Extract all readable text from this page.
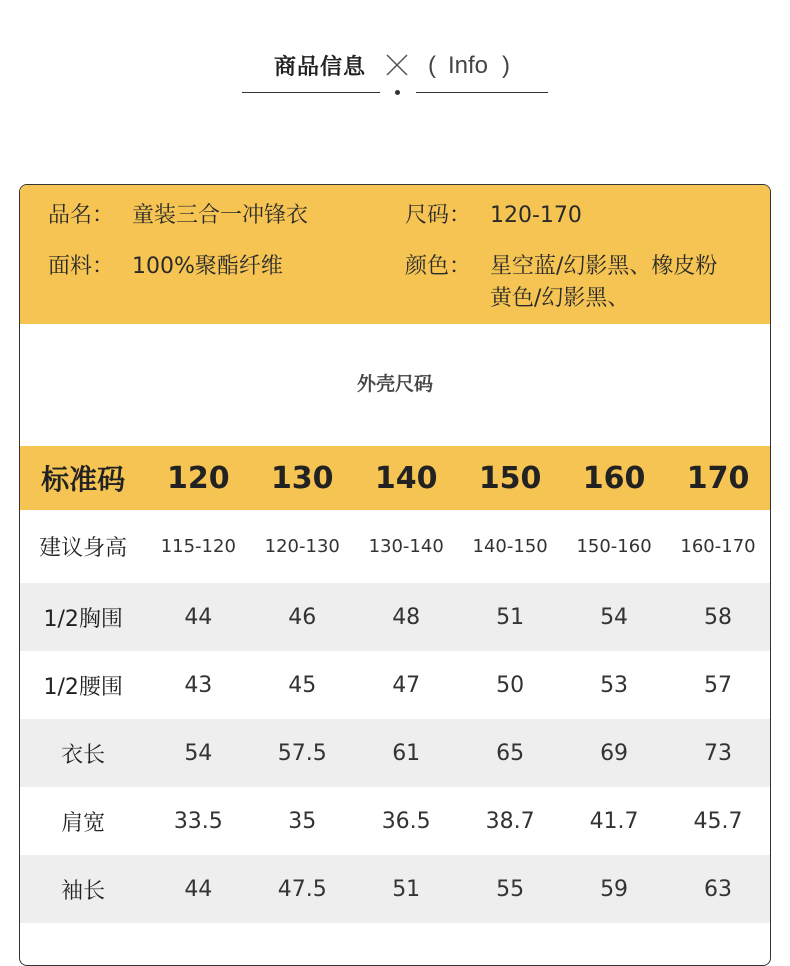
商品信息	( Info )
品名： 童装三合一冲锋衣	尺码： 120-170
面料： 100%聚酯纤维	颜色： 星空蓝/幻影黑、橡皮粉
黄色/幻影黑、
外壳尺码
标准码	120	130	140	150	160	170
建议身高	115-120	120-130	130-140	140-150	150-160	160-170
1/2胸围	44	46	48	51	54	58
1/2腰围	43	45	47	50	53	57
衣长	54	57.5	61	65	69	73
肩宽	33.5	35	36.5	38.7	41.7	45.7
袖长	44	47.5	51	55	59	63
